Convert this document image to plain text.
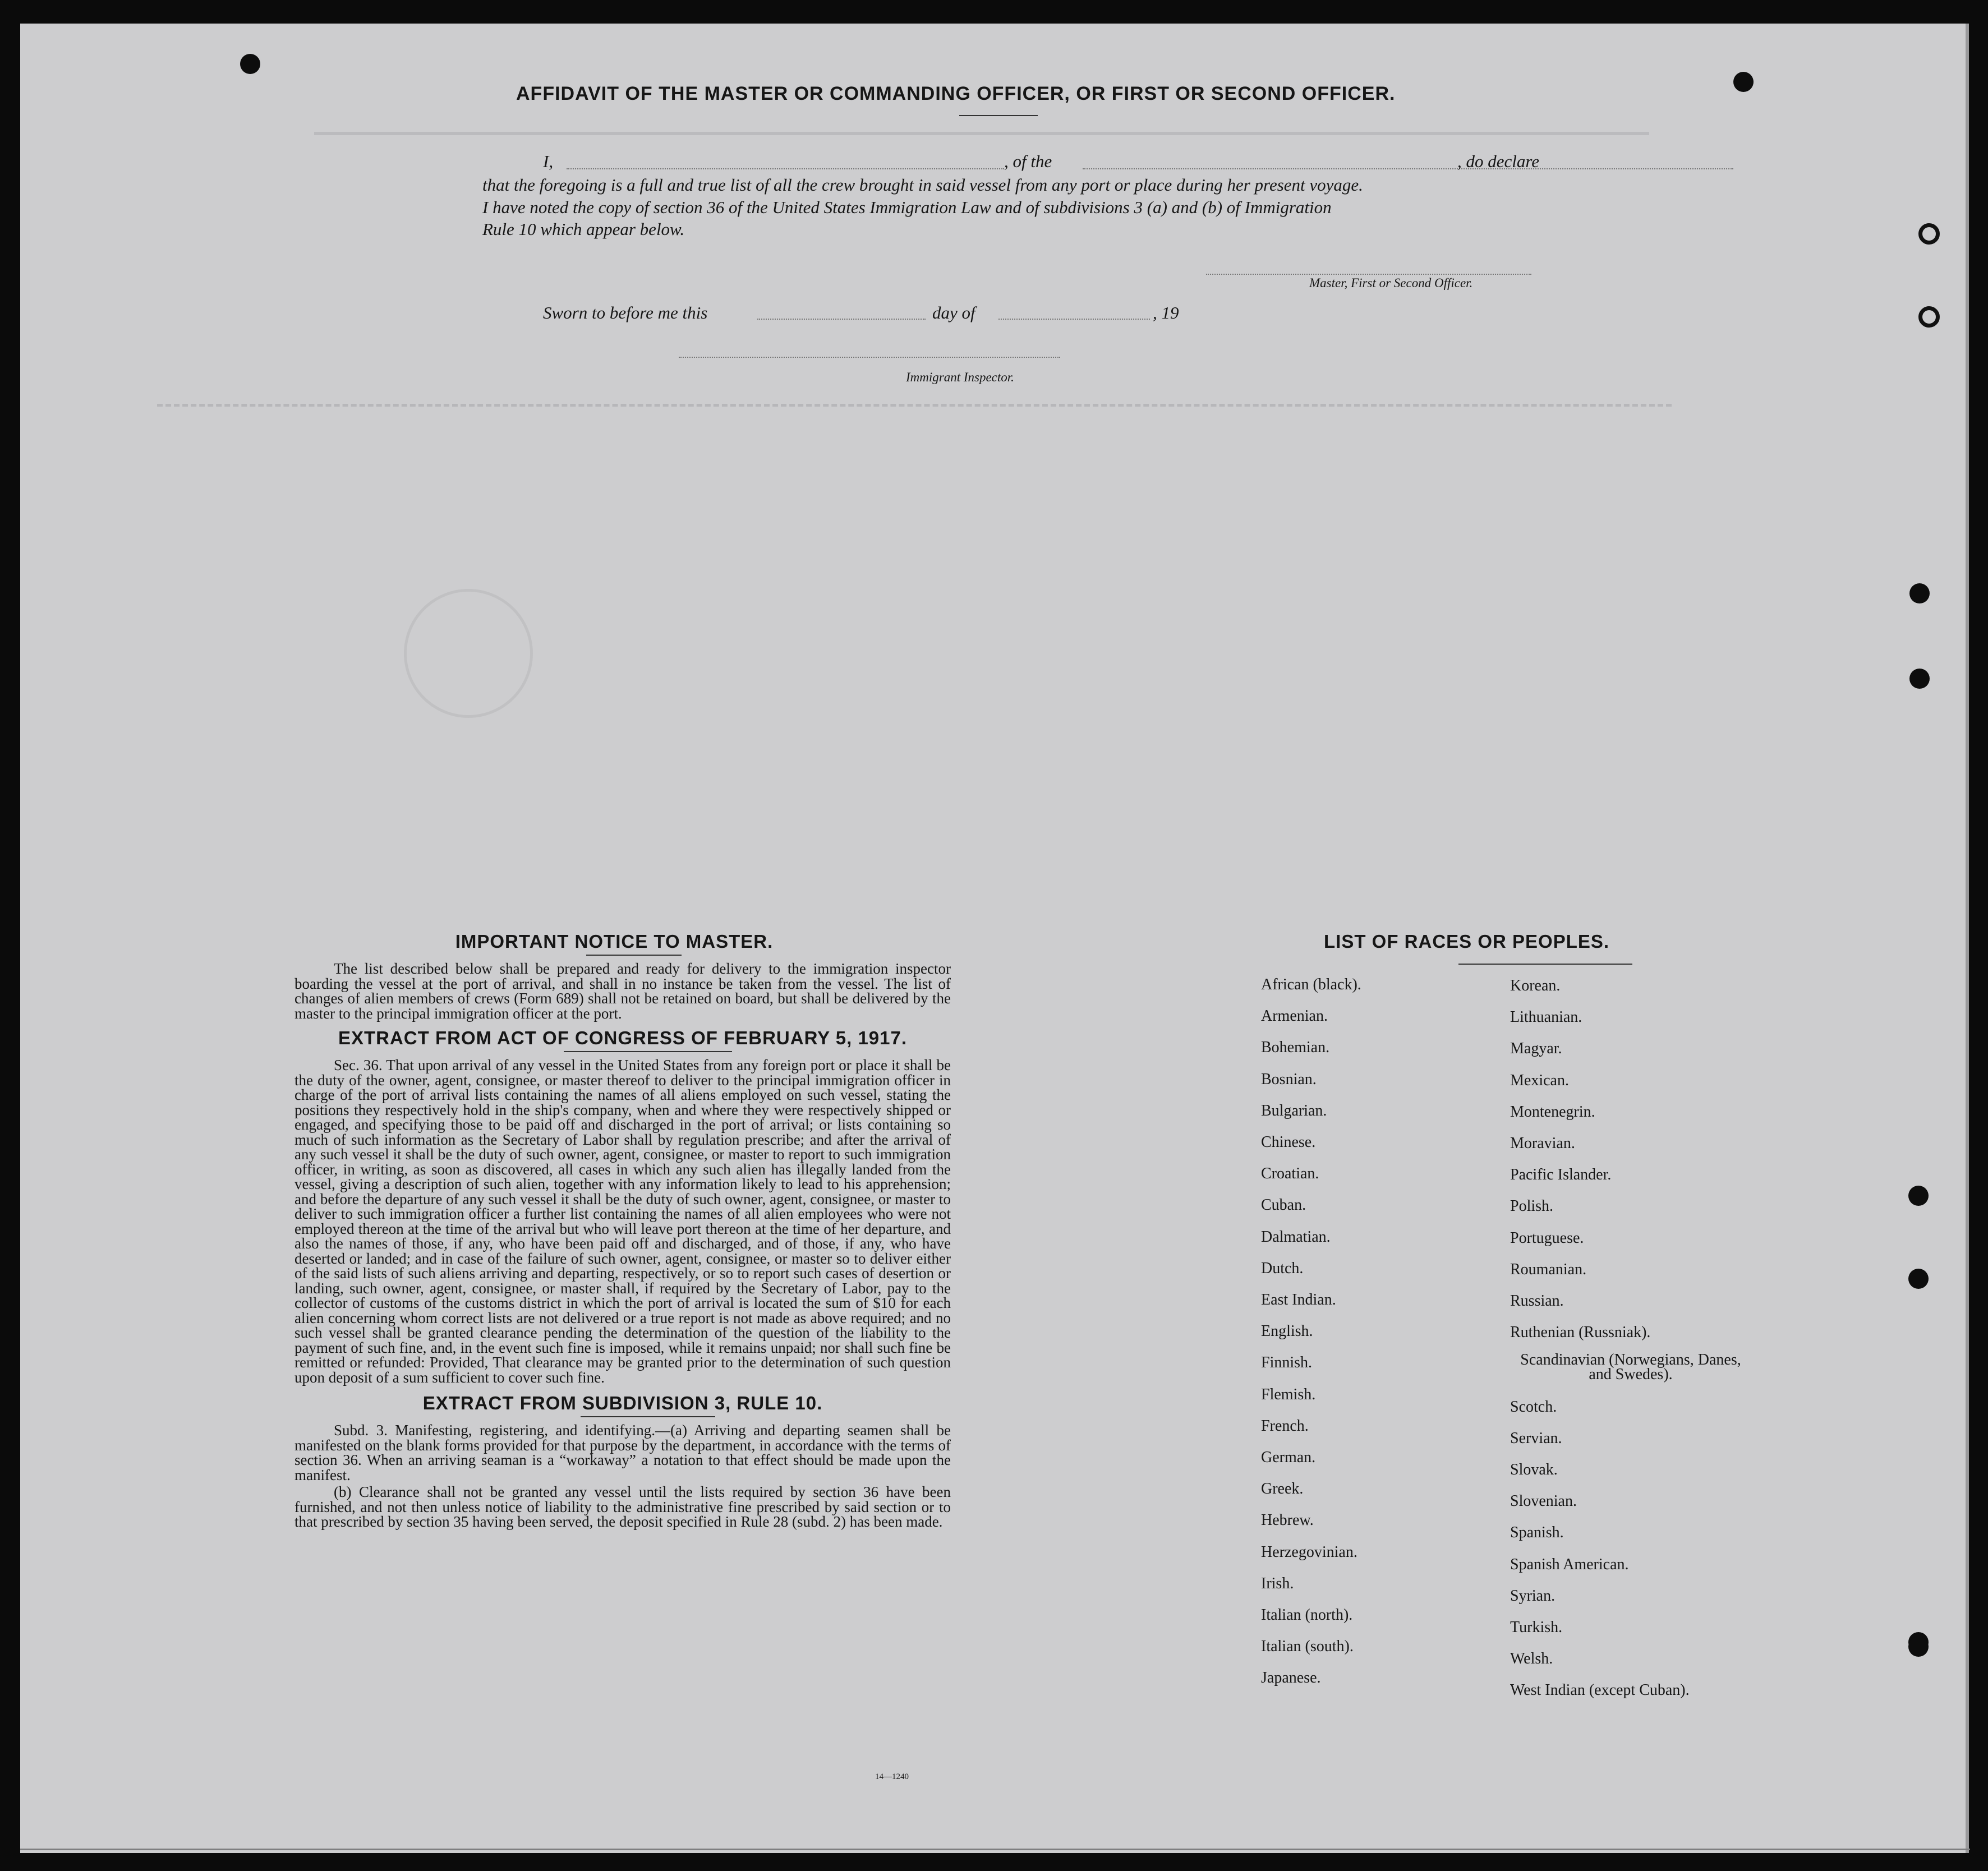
AFFIDAVIT OF THE MASTER OR COMMANDING OFFICER, OR FIRST OR SECOND OFFICER.
I,	, of the	, do declare
that the foregoing is a full and true list of all the crew brought in said vessel from any port or place during her present voyage.
I have noted the copy of section 36 of the United States Immigration Law and of subdivisions 3 (a) and (b) of Immigration
Rule 10 which appear below.
Master, First or Second Officer.
Sworn to before me this	day of	, 19
Immigrant Inspector.
IMPORTANT NOTICE TO MASTER.

The list described below shall be prepared and ready for delivery to the immigration inspector boarding the vessel at the port of arrival, and shall in no instance be taken from the vessel. The list of changes of alien members of crews (Form 689) shall not be retained on board, but shall be delivered by the master to the principal immigration officer at the port.

EXTRACT FROM ACT OF CONGRESS OF FEBRUARY 5, 1917.

Sec. 36. That upon arrival of any vessel in the United States from any foreign port or place it shall be the duty of the owner, agent, consignee, or master thereof to deliver to the principal immigration officer in charge of the port of arrival lists containing the names of all aliens employed on such vessel, stating the positions they respectively hold in the ship's company, when and where they were respectively shipped or engaged, and specifying those to be paid off and discharged in the port of arrival; or lists containing so much of such information as the Secretary of Labor shall by regulation prescribe; and after the arrival of any such vessel it shall be the duty of such owner, agent, consignee, or master to report to such immigration officer, in writing, as soon as discovered, all cases in which any such alien has illegally landed from the vessel, giving a description of such alien, together with any information likely to lead to his apprehension; and before the departure of any such vessel it shall be the duty of such owner, agent, consignee, or master to deliver to such immigration officer a further list containing the names of all alien employees who were not employed thereon at the time of the arrival but who will leave port thereon at the time of her departure, and also the names of those, if any, who have been paid off and discharged, and of those, if any, who have deserted or landed; and in case of the failure of such owner, agent, consignee, or master so to deliver either of the said lists of such aliens arriving and departing, respectively, or so to report such cases of desertion or landing, such owner, agent, consignee, or master shall, if required by the Secretary of Labor, pay to the collector of customs of the customs district in which the port of arrival is located the sum of $10 for each alien concerning whom correct lists are not delivered or a true report is not made as above required; and no such vessel shall be granted clearance pending the determination of the question of the liability to the payment of such fine, and, in the event such fine is imposed, while it remains unpaid; nor shall such fine be remitted or refunded: Provided, That clearance may be granted prior to the determination of such question upon deposit of a sum sufficient to cover such fine.

EXTRACT FROM SUBDIVISION 3, RULE 10.

Subd. 3. Manifesting, registering, and identifying.—(a) Arriving and departing seamen shall be manifested on the blank forms provided for that purpose by the department, in accordance with the terms of section 36. When an arriving seaman is a “workaway” a notation to that effect should be made upon the manifest.

(b) Clearance shall not be granted any vessel until the lists required by section 36 have been furnished, and not then unless notice of liability to the administrative fine prescribed by said section or to that prescribed by section 35 having been served, the deposit specified in Rule 28 (subd. 2) has been made.

14—1240
LIST OF RACES OR PEOPLES.
African (black).
Armenian.
Bohemian.
Bosnian.
Bulgarian.
Chinese.
Croatian.
Cuban.
Dalmatian.
Dutch.
East Indian.
English.
Finnish.
Flemish.
French.
German.
Greek.
Hebrew.
Herzegovinian.
Irish.
Italian (north).
Italian (south).
Japanese.
Korean.
Lithuanian.
Magyar.
Mexican.
Montenegrin.
Moravian.
Pacific Islander.
Polish.
Portuguese.
Roumanian.
Russian.
Ruthenian (Russniak).
Scandinavian (Norwegians, Danes, and Swedes).
Scotch.
Servian.
Slovak.
Slovenian.
Spanish.
Spanish American.
Syrian.
Turkish.
Welsh.
West Indian (except Cuban).
